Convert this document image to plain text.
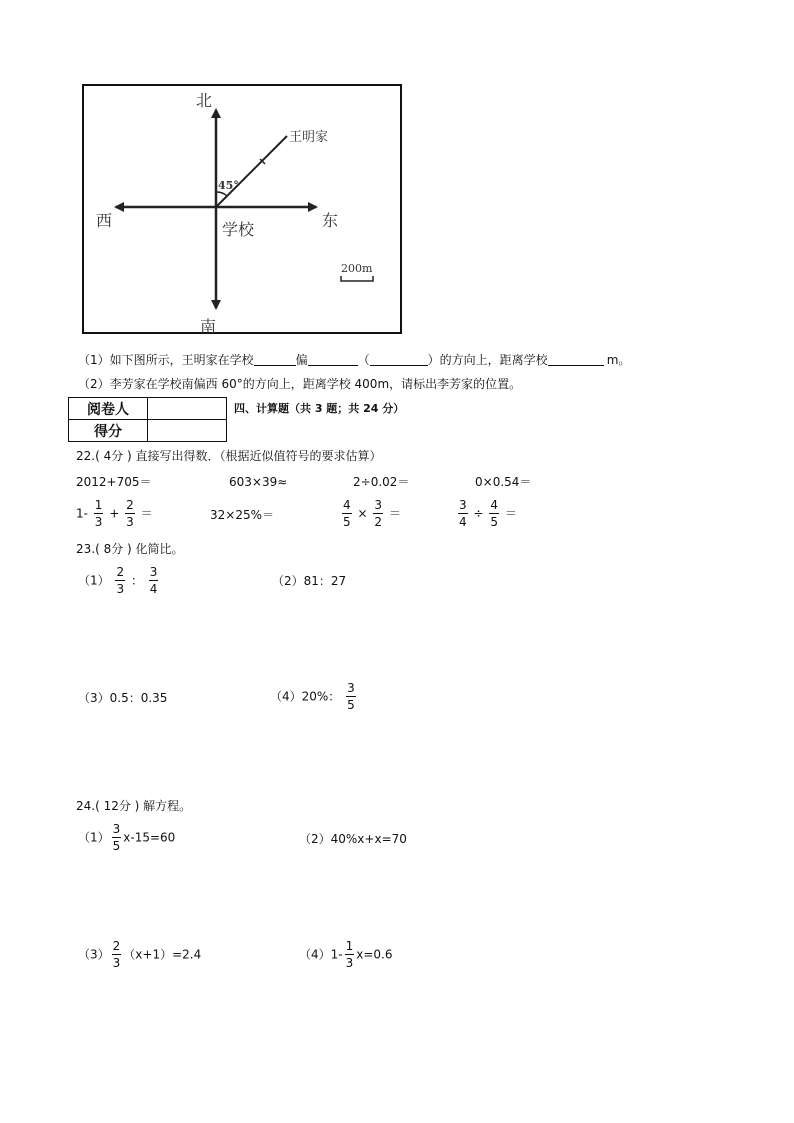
北
南
东
西	学校
王明家
45°
200m
（1）如下图所示，王明家在学校	偏	（	）的方向上，距离学校	m。
（2）李芳家在学校南偏西 60°的方向上，距离学校 400m，请标出李芳家的位置。
阅卷人	
得分	
四、计算题（共 3 题；共 24 分）
22.( 4分 ) 直接写出得数．（根据近似值符号的要求估算）
2012+705＝	603×39≈	2÷0.02＝	0×0.54＝
$1- \frac{1}{3} + \frac{2}{3}$ ＝	32×25%＝	$\frac{4}{5} \times \frac{3}{2}$ ＝	$\frac{3}{4} \div \frac{4}{5}$ ＝
23.( 8分 ) 化简比。
$(1) \frac{2}{3}$ ： $\frac{3}{4}$	（2）81：27
（3）0.5：0.35	（4）20%： $\frac{3}{5}$
24.( 12分 ) 解方程。
$(1) \frac{3}{5} x-15=60$	（2）40%x+x=70
$(3) \frac{2}{3} (x+1)=2.4$	$(4)1- \frac{1}{3} x=0.6$
